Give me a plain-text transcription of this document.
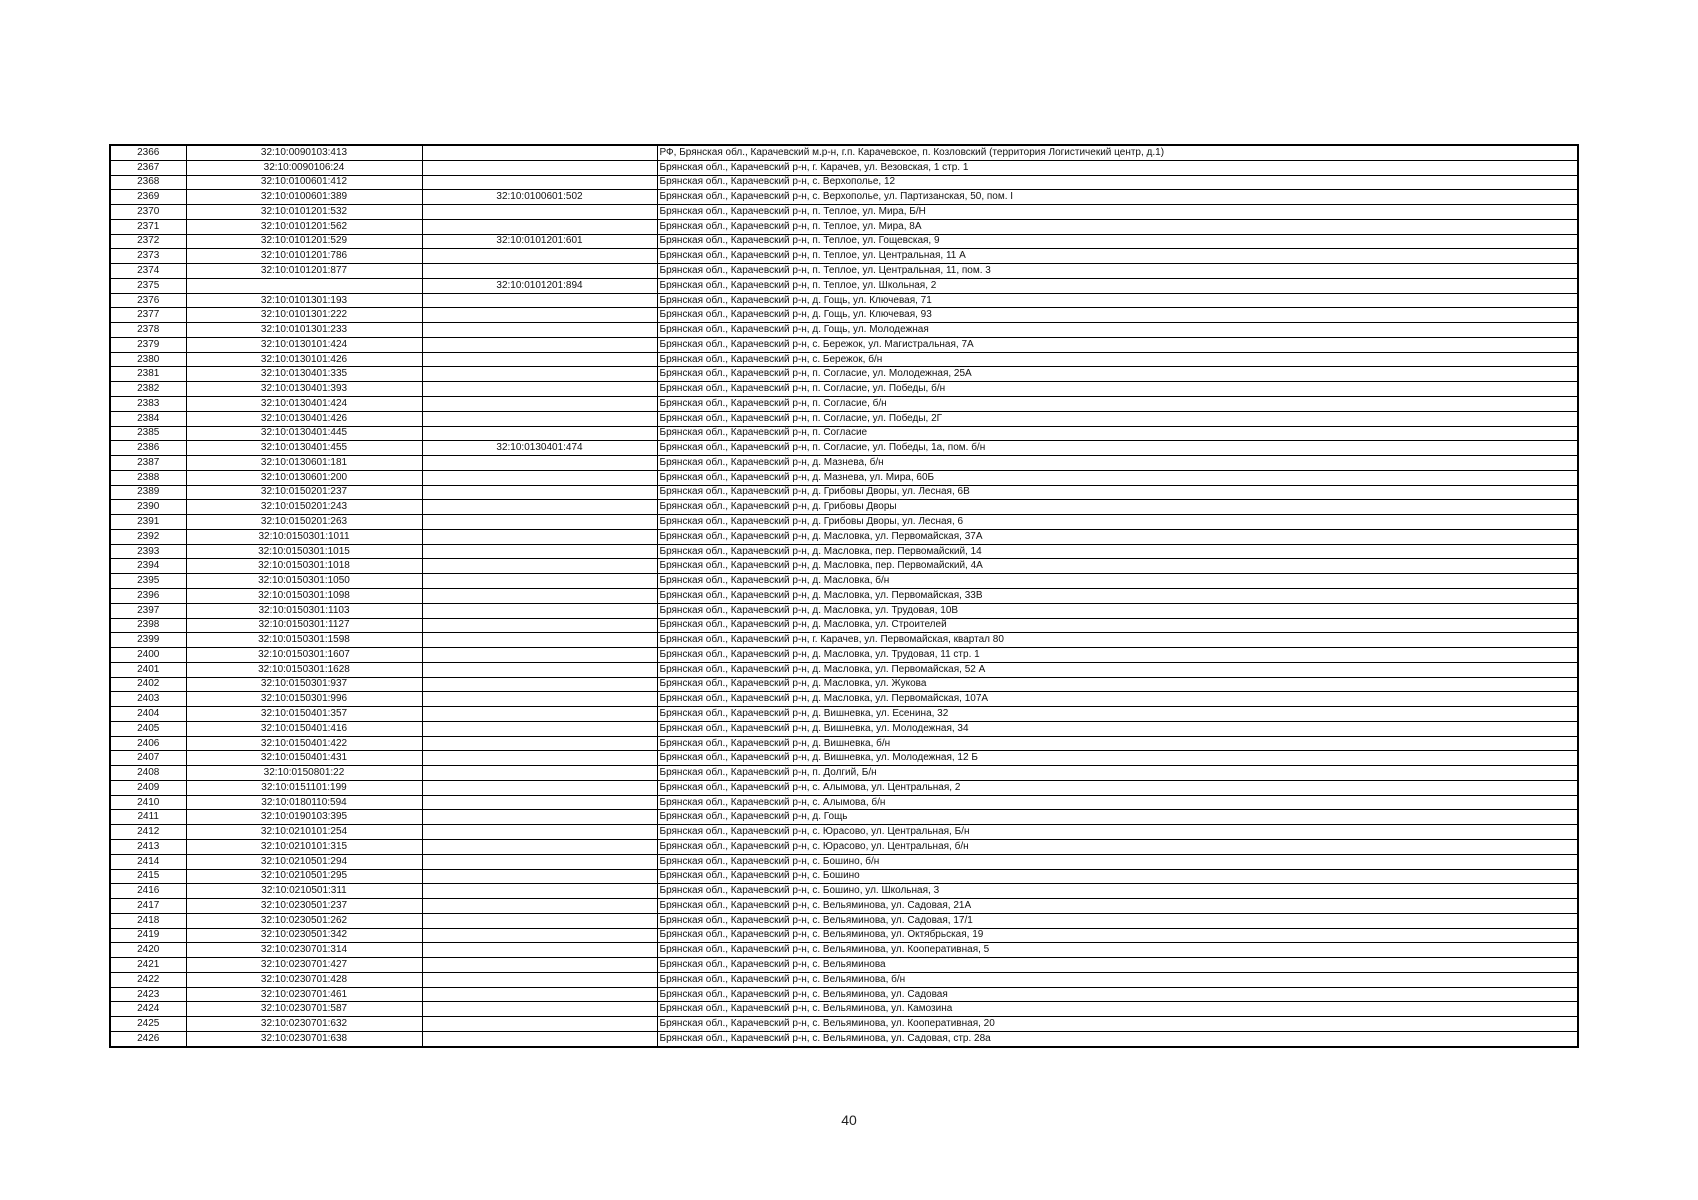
2366	32:10:0090103:413		РФ, Брянская обл., Карачевский м.р-н, г.п. Карачевское, п. Козловский (территория Логистичекий центр, д.1)
2367	32:10:0090106:24		Брянская обл., Карачевский р-н, г. Карачев, ул. Везовская, 1 стр. 1
2368	32:10:0100601:412		Брянская обл., Карачевский р-н, с. Верхополье, 12
2369	32:10:0100601:389	32:10:0100601:502	Брянская обл., Карачевский р-н, с. Верхополье, ул. Партизанская, 50, пом. I
2370	32:10:0101201:532		Брянская обл., Карачевский р-н, п. Теплое, ул. Мира, Б/Н
2371	32:10:0101201:562		Брянская обл., Карачевский р-н, п. Теплое, ул. Мира, 8А
2372	32:10:0101201:529	32:10:0101201:601	Брянская обл., Карачевский р-н, п. Теплое, ул. Гощевская, 9
2373	32:10:0101201:786		Брянская обл., Карачевский р-н, п. Теплое, ул. Центральная, 11 А
2374	32:10:0101201:877		Брянская обл., Карачевский р-н, п. Теплое, ул. Центральная, 11, пом. 3
2375		32:10:0101201:894	Брянская обл., Карачевский р-н, п. Теплое, ул. Школьная, 2
2376	32:10:0101301:193		Брянская обл., Карачевский р-н, д. Гощь, ул. Ключевая, 71
2377	32:10:0101301:222		Брянская обл., Карачевский р-н, д. Гощь, ул. Ключевая, 93
2378	32:10:0101301:233		Брянская обл., Карачевский р-н, д. Гощь, ул. Молодежная
2379	32:10:0130101:424		Брянская обл., Карачевский р-н, с. Бережок, ул. Магистральная, 7А
2380	32:10:0130101:426		Брянская обл., Карачевский р-н, с. Бережок, б/н
2381	32:10:0130401:335		Брянская обл., Карачевский р-н, п. Согласие, ул. Молодежная, 25А
2382	32:10:0130401:393		Брянская обл., Карачевский р-н, п. Согласие, ул. Победы, б/н
2383	32:10:0130401:424		Брянская обл., Карачевский р-н, п. Согласие, б/н
2384	32:10:0130401:426		Брянская обл., Карачевский р-н, п. Согласие, ул. Победы, 2Г
2385	32:10:0130401:445		Брянская обл., Карачевский р-н, п. Согласие
2386	32:10:0130401:455	32:10:0130401:474	Брянская обл., Карачевский р-н, п. Согласие, ул. Победы, 1а, пом. б/н
2387	32:10:0130601:181		Брянская обл., Карачевский р-н, д. Мазнева, б/н
2388	32:10:0130601:200		Брянская обл., Карачевский р-н, д. Мазнева, ул. Мира, 60Б
2389	32:10:0150201:237		Брянская обл., Карачевский р-н, д. Грибовы Дворы, ул. Лесная, 6В
2390	32:10:0150201:243		Брянская обл., Карачевский р-н, д. Грибовы Дворы
2391	32:10:0150201:263		Брянская обл., Карачевский р-н, д. Грибовы Дворы, ул. Лесная, 6
2392	32:10:0150301:1011		Брянская обл., Карачевский р-н, д. Масловка, ул. Первомайская, 37А
2393	32:10:0150301:1015		Брянская обл., Карачевский р-н, д. Масловка, пер. Первомайский, 14
2394	32:10:0150301:1018		Брянская обл., Карачевский р-н, д. Масловка, пер. Первомайский, 4А
2395	32:10:0150301:1050		Брянская обл., Карачевский р-н, д. Масловка, б/н
2396	32:10:0150301:1098		Брянская обл., Карачевский р-н, д. Масловка, ул. Первомайская, 33В
2397	32:10:0150301:1103		Брянская обл., Карачевский р-н, д. Масловка, ул. Трудовая, 10В
2398	32:10:0150301:1127		Брянская обл., Карачевский р-н, д. Масловка, ул. Строителей
2399	32:10:0150301:1598		Брянская обл., Карачевский р-н, г. Карачев, ул. Первомайская, квартал 80
2400	32:10:0150301:1607		Брянская обл., Карачевский р-н, д. Масловка, ул. Трудовая, 11 стр. 1
2401	32:10:0150301:1628		Брянская обл., Карачевский р-н, д. Масловка, ул. Первомайская, 52 А
2402	32:10:0150301:937		Брянская обл., Карачевский р-н, д. Масловка, ул. Жукова
2403	32:10:0150301:996		Брянская обл., Карачевский р-н, д. Масловка, ул. Первомайская, 107А
2404	32:10:0150401:357		Брянская обл., Карачевский р-н, д. Вишневка, ул. Есенина, 32
2405	32:10:0150401:416		Брянская обл., Карачевский р-н, д. Вишневка, ул. Молодежная, 34
2406	32:10:0150401:422		Брянская обл., Карачевский р-н, д. Вишневка, б/н
2407	32:10:0150401:431		Брянская обл., Карачевский р-н, д. Вишневка, ул. Молодежная, 12 Б
2408	32:10:0150801:22		Брянская обл., Карачевский р-н, п. Долгий, Б/н
2409	32:10:0151101:199		Брянская обл., Карачевский р-н, с. Алымова, ул. Центральная, 2
2410	32:10:0180110:594		Брянская обл., Карачевский р-н, с. Алымова, б/н
2411	32:10:0190103:395		Брянская обл., Карачевский р-н, д. Гощь
2412	32:10:0210101:254		Брянская обл., Карачевский р-н, с. Юрасово, ул. Центральная, Б/н
2413	32:10:0210101:315		Брянская обл., Карачевский р-н, с. Юрасово, ул. Центральная, б/н
2414	32:10:0210501:294		Брянская обл., Карачевский р-н, с. Бошино, б/н
2415	32:10:0210501:295		Брянская обл., Карачевский р-н, с. Бошино
2416	32:10:0210501:311		Брянская обл., Карачевский р-н, с. Бошино, ул. Школьная, 3
2417	32:10:0230501:237		Брянская обл., Карачевский р-н, с. Вельяминова, ул. Садовая, 21А
2418	32:10:0230501:262		Брянская обл., Карачевский р-н, с. Вельяминова, ул. Садовая, 17/1
2419	32:10:0230501:342		Брянская обл., Карачевский р-н, с. Вельяминова, ул. Октябрьская, 19
2420	32:10:0230701:314		Брянская обл., Карачевский р-н, с. Вельяминова, ул. Кооперативная, 5
2421	32:10:0230701:427		Брянская обл., Карачевский р-н, с. Вельяминова
2422	32:10:0230701:428		Брянская обл., Карачевский р-н, с. Вельяминова, б/н
2423	32:10:0230701:461		Брянская обл., Карачевский р-н, с. Вельяминова, ул. Садовая
2424	32:10:0230701:587		Брянская обл., Карачевский р-н, с. Вельяминова, ул. Камозина
2425	32:10:0230701:632		Брянская обл., Карачевский р-н, с. Вельяминова, ул. Кооперативная, 20
2426	32:10:0230701:638		Брянская обл., Карачевский р-н, с. Вельяминова, ул. Садовая, стр. 28а
40
